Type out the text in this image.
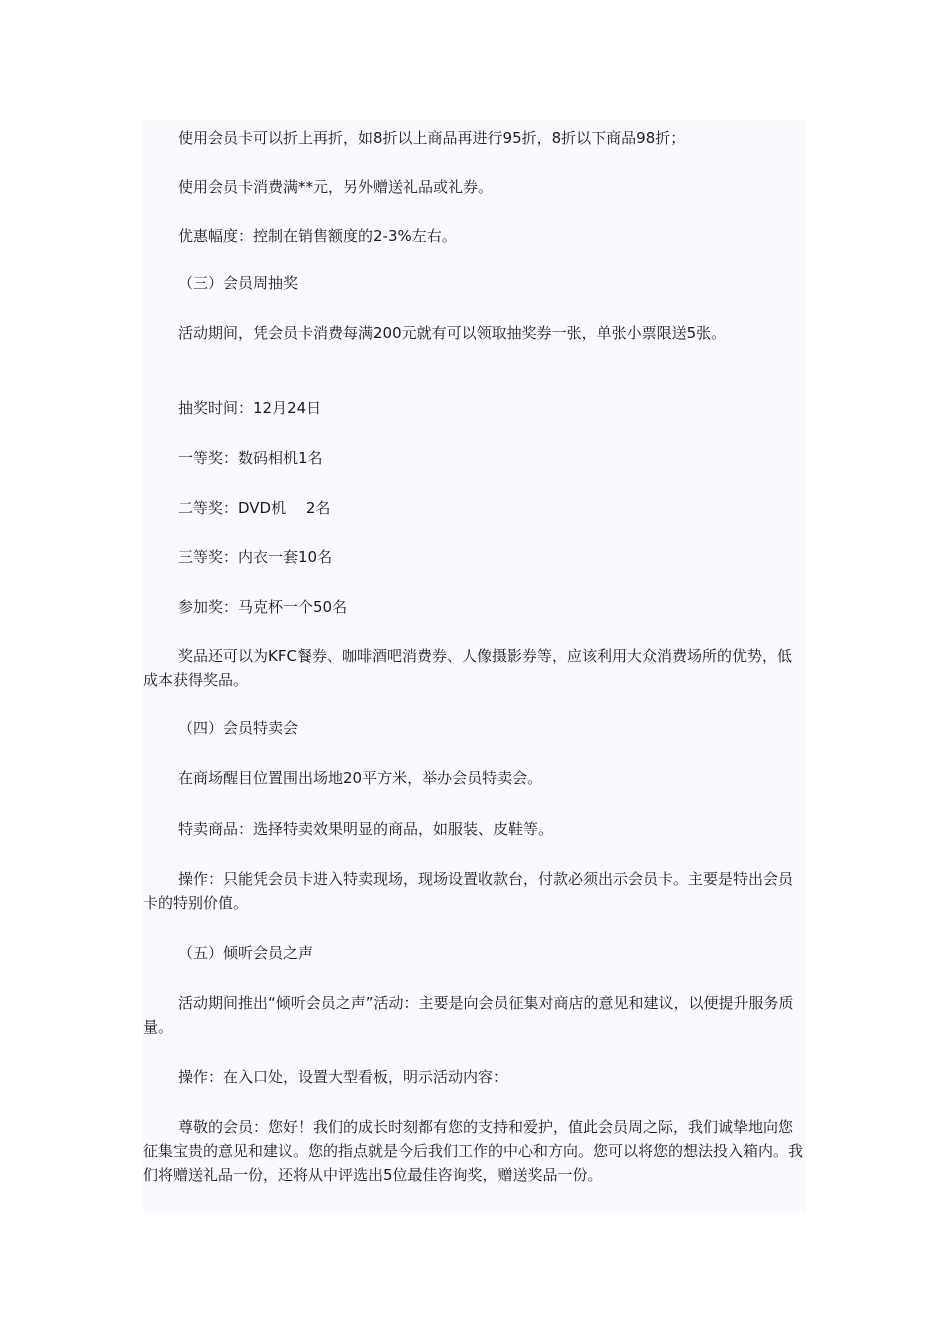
使用会员卡可以折上再折，如8折以上商品再进行95折，8折以下商品98折；

使用会员卡消费满**元，另外赠送礼品或礼券。

优惠幅度：控制在销售额度的2-3%左右。

（三）会员周抽奖

活动期间，凭会员卡消费每满200元就有可以领取抽奖券一张，单张小票限送5张。

抽奖时间：12月24日

一等奖：数码相机1名

二等奖：DVD机　 2名

三等奖：内衣一套10名

参加奖：马克杯一个50名

奖品还可以为KFC餐券、咖啡酒吧消费券、人像摄影券等，应该利用大众消费场所的优势，低成本获得奖品。

（四）会员特卖会

在商场醒目位置围出场地20平方米，举办会员特卖会。

特卖商品：选择特卖效果明显的商品，如服装、皮鞋等。

操作：只能凭会员卡进入特卖现场，现场设置收款台，付款必须出示会员卡。主要是特出会员卡的特别价值。

（五）倾听会员之声

活动期间推出“倾听会员之声”活动：主要是向会员征集对商店的意见和建议，以便提升服务质量。

操作：在入口处，设置大型看板，明示活动内容：

尊敬的会员：您好！我们的成长时刻都有您的支持和爱护，值此会员周之际，我们诚挚地向您征集宝贵的意见和建议。您的指点就是今后我们工作的中心和方向。您可以将您的想法投入箱内。我们将赠送礼品一份，还将从中评选出5位最佳咨询奖，赠送奖品一份。
